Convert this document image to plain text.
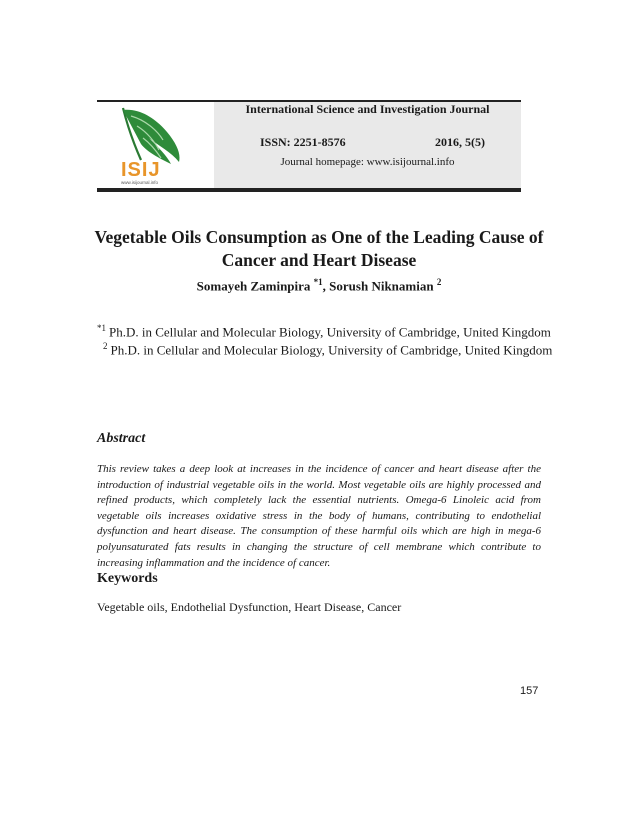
ISIJ
www.isijournal.info
International Science and Investigation Journal
ISSN: 2251-8576	2016, 5(5)
Journal homepage: www.isijournal.info
Vegetable Oils Consumption as One of the Leading Cause of Cancer and Heart Disease
Somayeh Zaminpira $^{*1}$, Sorush Niknamian $^2$
$^{*1}$ Ph.D. in Cellular and Molecular Biology, University of Cambridge, United Kingdom
$^2$ Ph.D. in Cellular and Molecular Biology, University of Cambridge, United Kingdom
Abstract
This review takes a deep look at increases in the incidence of cancer and heart disease after the introduction of industrial vegetable oils in the world. Most vegetable oils are highly processed and refined products, which completely lack the essential nutrients. Omega-6 Linoleic acid from vegetable oils increases oxidative stress in the body of humans, contributing to endothelial dysfunction and heart disease. The consumption of these harmful oils which are high in mega-6 polyunsaturated fats results in changing the structure of cell membrane which contribute to increasing inflammation and the incidence of cancer.
Keywords
Vegetable oils, Endothelial Dysfunction, Heart Disease, Cancer
157
